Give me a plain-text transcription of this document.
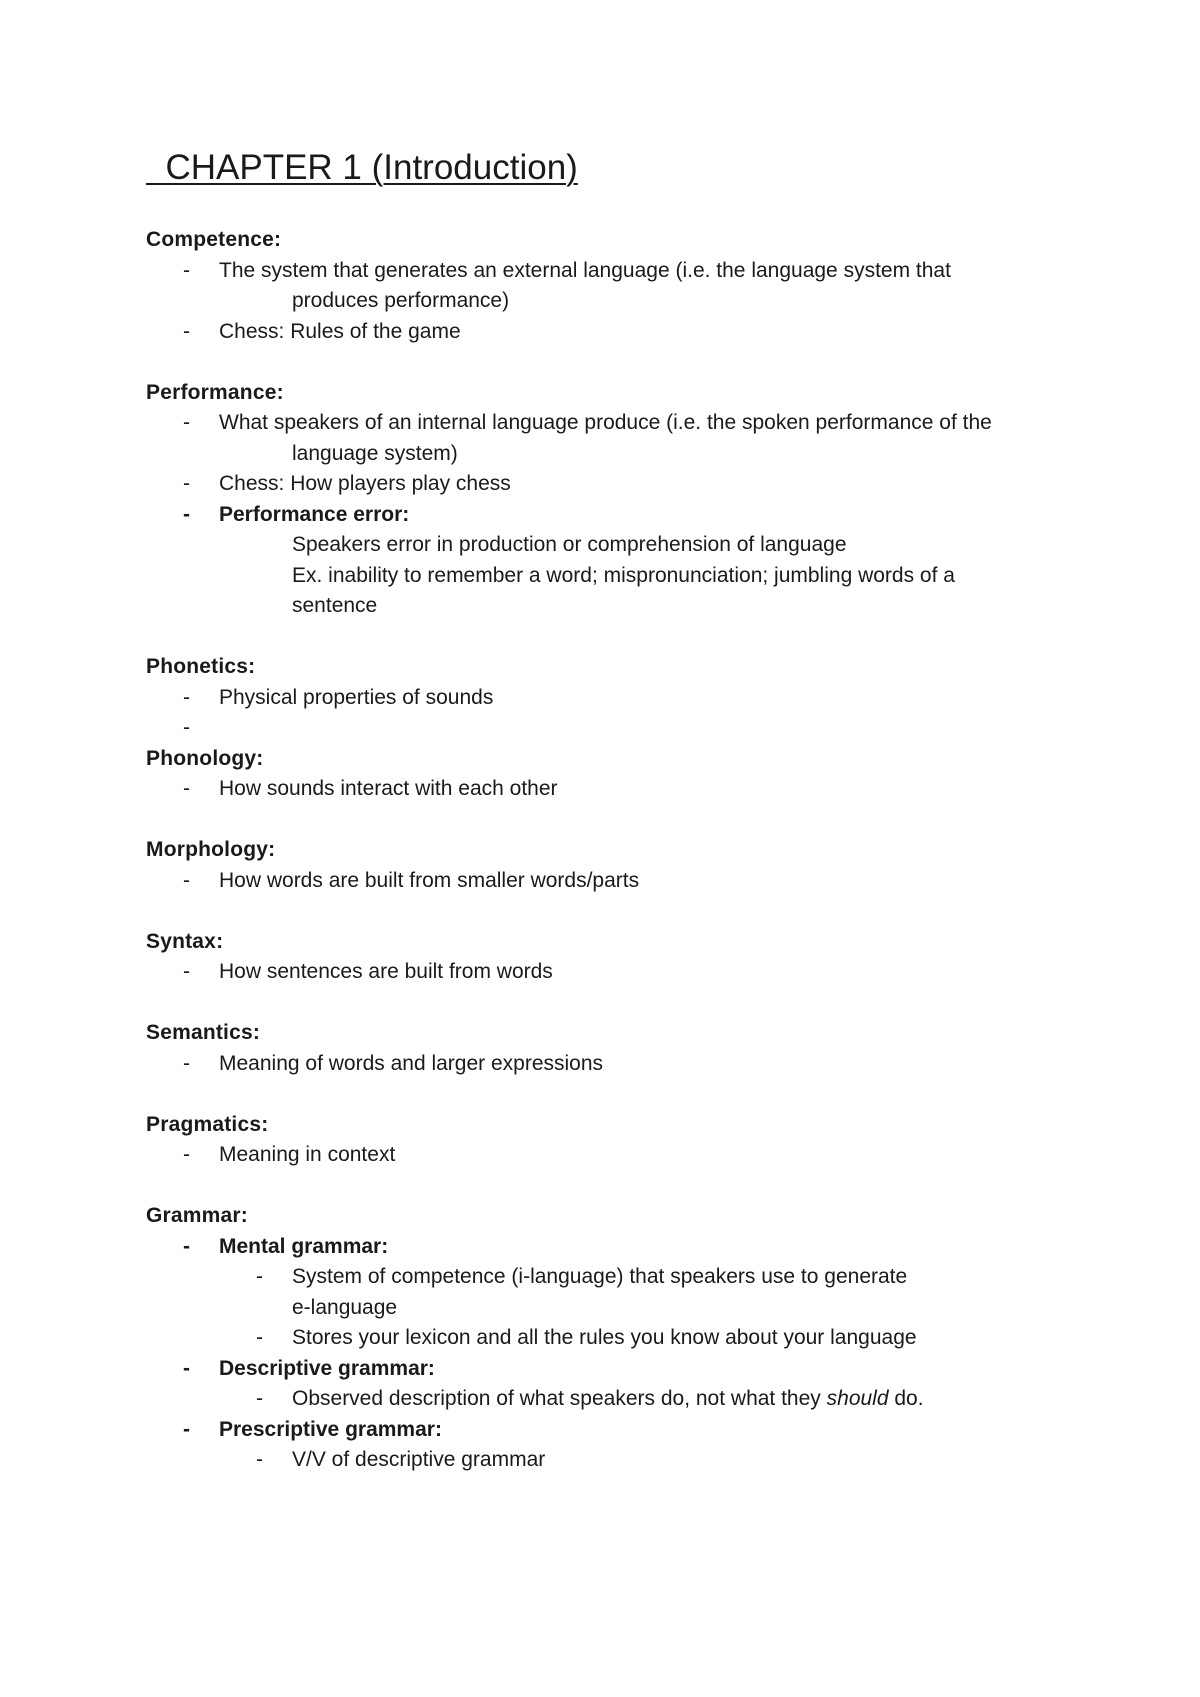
CHAPTER 1 (Introduction)
Competence:
- The system that generates an external language (i.e. the language system that
produces performance)
- Chess: Rules of the game
Performance:
- What speakers of an internal language produce (i.e. the spoken performance of the
language system)
- Chess: How players play chess
- Performance error:
Speakers error in production or comprehension of language
Ex. inability to remember a word; mispronunciation; jumbling words of a
sentence
Phonetics:
- Physical properties of sounds
-

Phonology:
- How sounds interact with each other
Morphology:
- How words are built from smaller words/parts
Syntax:
- How sentences are built from words
Semantics:
- Meaning of words and larger expressions
Pragmatics:
- Meaning in context
Grammar:
- Mental grammar:
- System of competence (i-language) that speakers use to generate
e-language
- Stores your lexicon and all the rules you know about your language
- Descriptive grammar:
- Observed description of what speakers do, not what they should do.
- Prescriptive grammar:
- V/V of descriptive grammar
